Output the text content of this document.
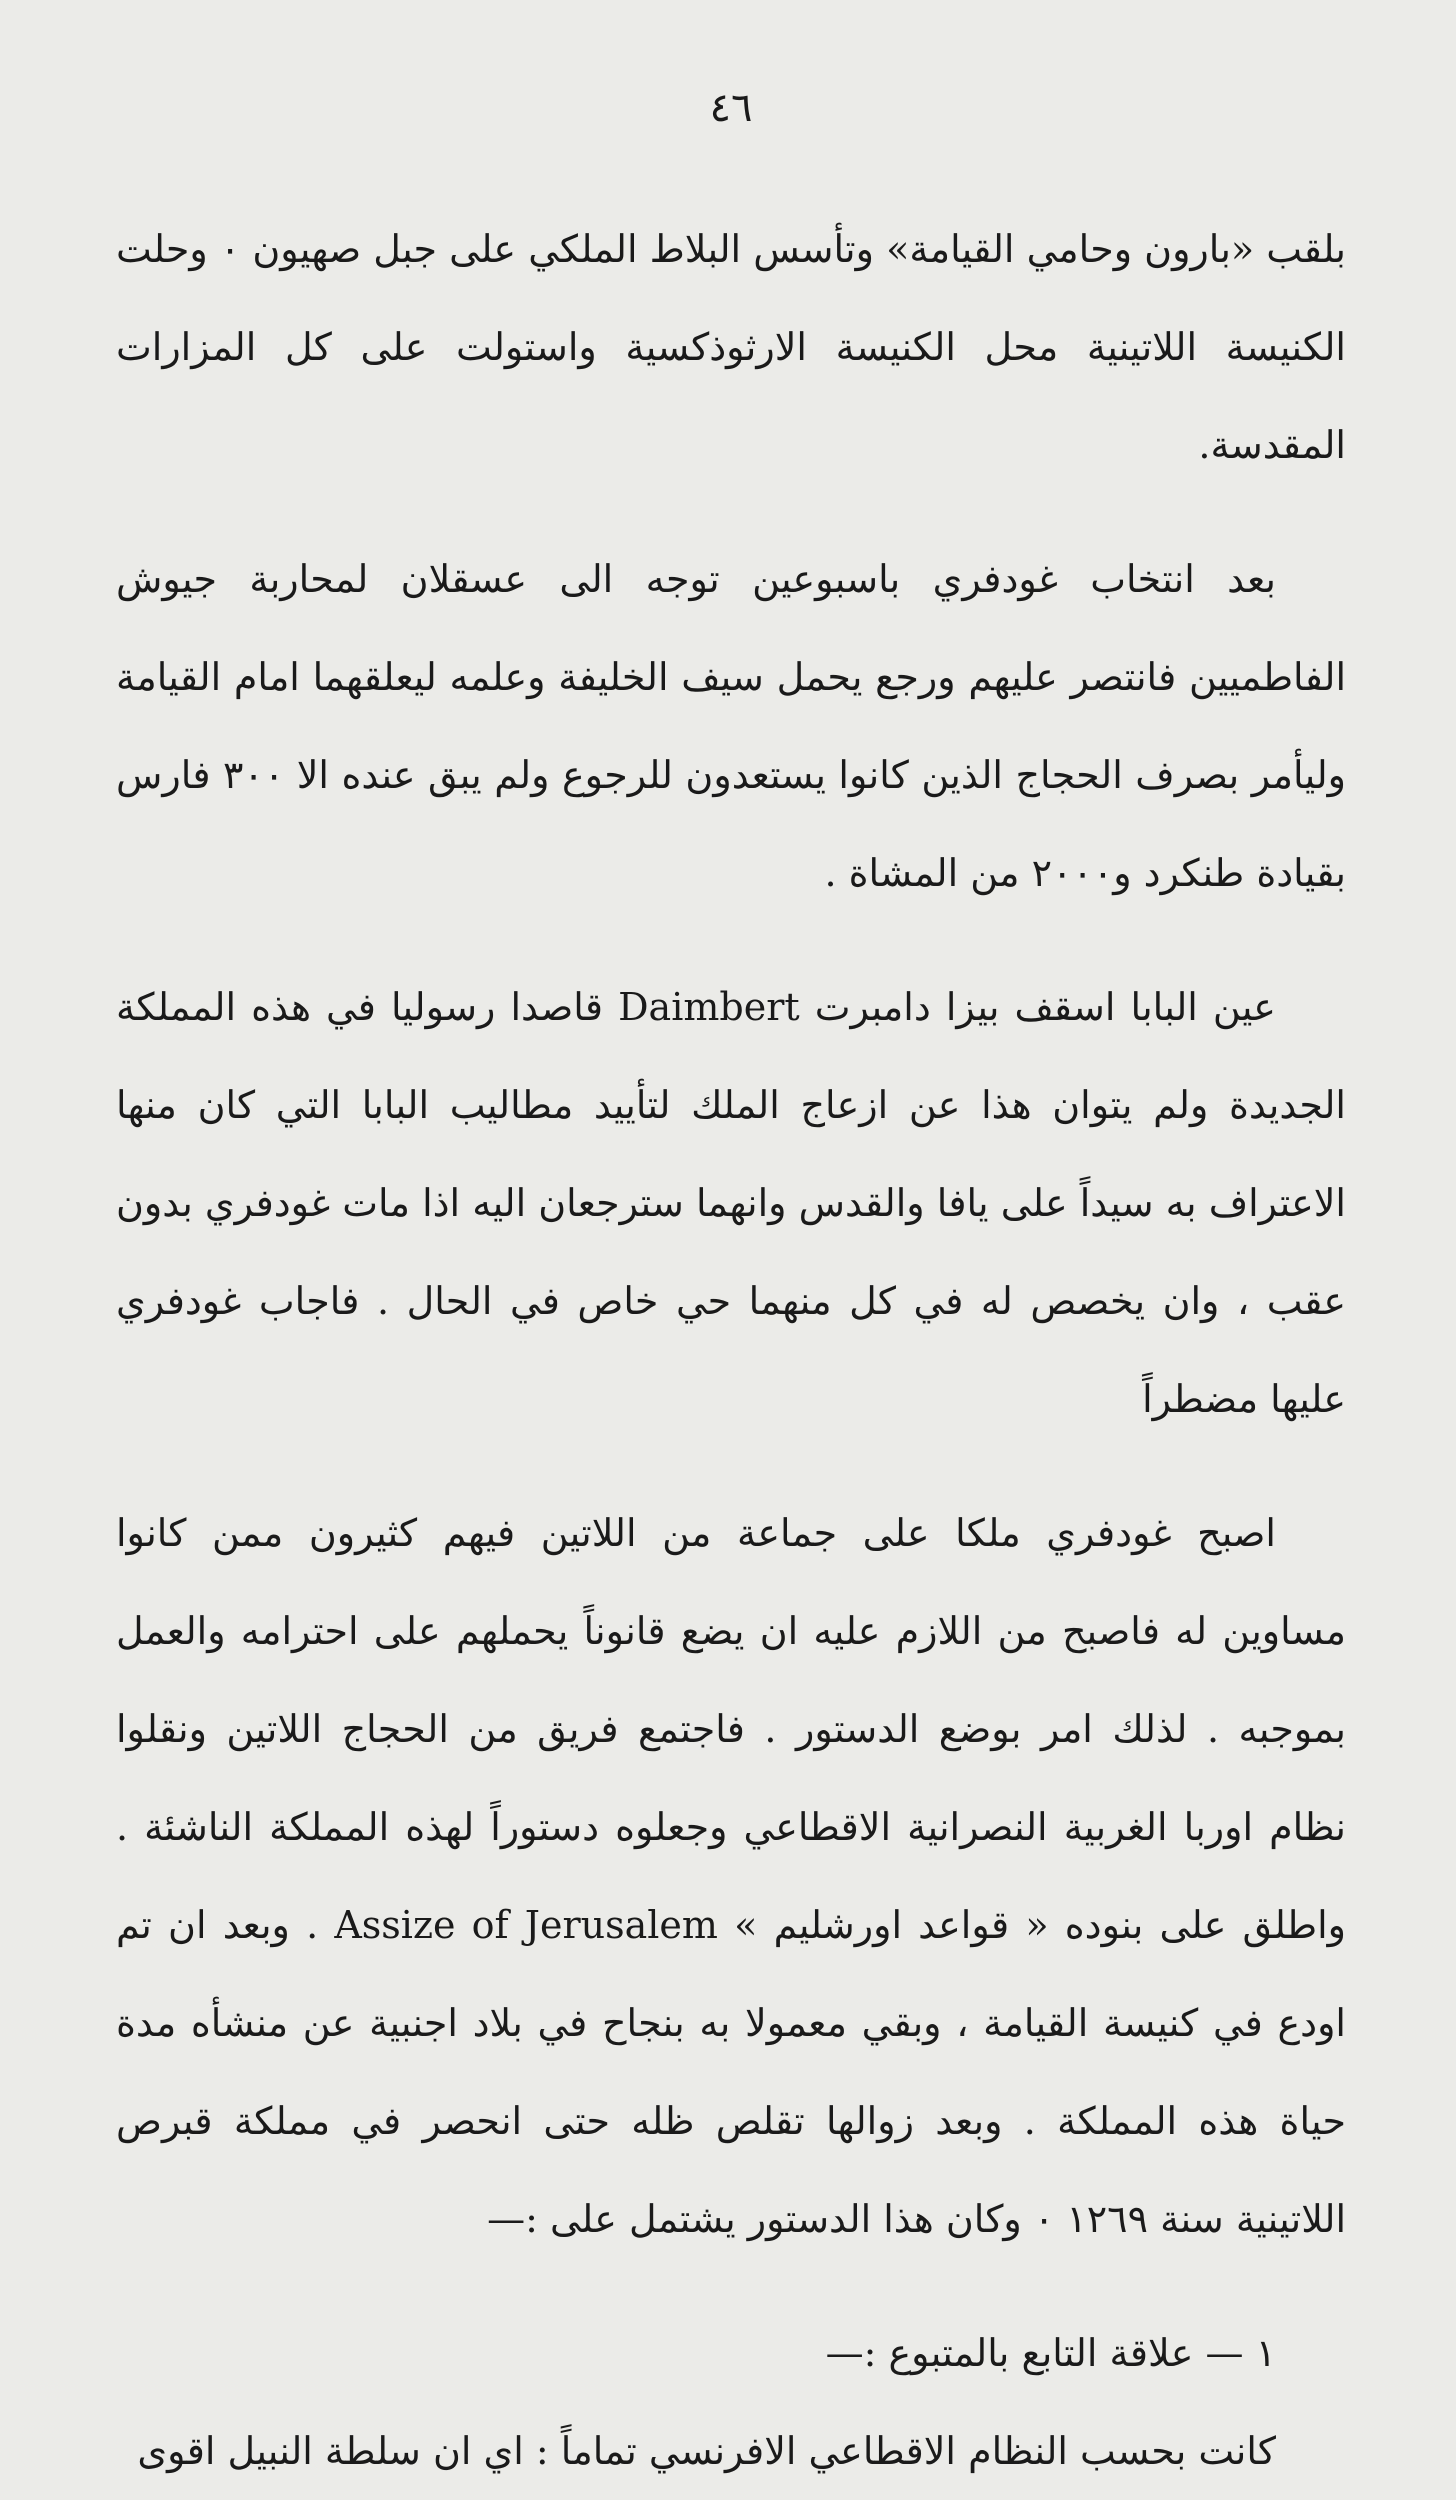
٤٦

بلقب «بارون وحامي القيامة» وتأسس البلاط الملكي على جبل صهيون ٠ وحلت الكنيسة اللاتينية محل الكنيسة الارثوذكسية واستولت على كل المزارات المقدسة.

بعد انتخاب غودفري باسبوعين توجه الى عسقلان لمحاربة جيوش الفاطميين فانتصر عليهم ورجع يحمل سيف الخليفة وعلمه ليعلقهما امام القيامة وليأمر بصرف الحجاج الذين كانوا يستعدون للرجوع ولم يبق عنده الا ٣٠٠ فارس بقيادة طنكرد و٢٠٠٠ من المشاة .

عين البابا اسقف بيزا دامبرت Daimbert قاصدا رسوليا في هذه المملكة الجديدة ولم يتوان هذا عن ازعاج الملك لتأييد مطاليب البابا التي كان منها الاعتراف به سيداً على يافا والقدس وانهما سترجعان اليه اذا مات غودفري بدون عقب ، وان يخصص له في كل منهما حي خاص في الحال . فاجاب غودفري عليها مضطراً

اصبح غودفري ملكا على جماعة من اللاتين فيهم كثيرون ممن كانوا مساوين له فاصبح من اللازم عليه ان يضع قانوناً يحملهم على احترامه والعمل بموجبه . لذلك امر بوضع الدستور . فاجتمع فريق من الحجاج اللاتين ونقلوا نظام اوربا الغربية النصرانية الاقطاعي وجعلوه دستوراً لهذه المملكة الناشئة . واطلق على بنوده « قواعد اورشليم » Assize of Jerusalem . وبعد ان تم اودع في كنيسة القيامة ، وبقي معمولا به بنجاح في بلاد اجنبية عن منشأه مدة حياة هذه المملكة . وبعد زوالها تقلص ظله حتى انحصر في مملكة قبرص اللاتينية سنة ١٢٦٩ ٠ وكان هذا الدستور يشتمل على :—

١ — علاقة التابع بالمتبوع :—

كانت بحسب النظام الاقطاعي الافرنسي تماماً : اي ان سلطة النبيل اقوى
